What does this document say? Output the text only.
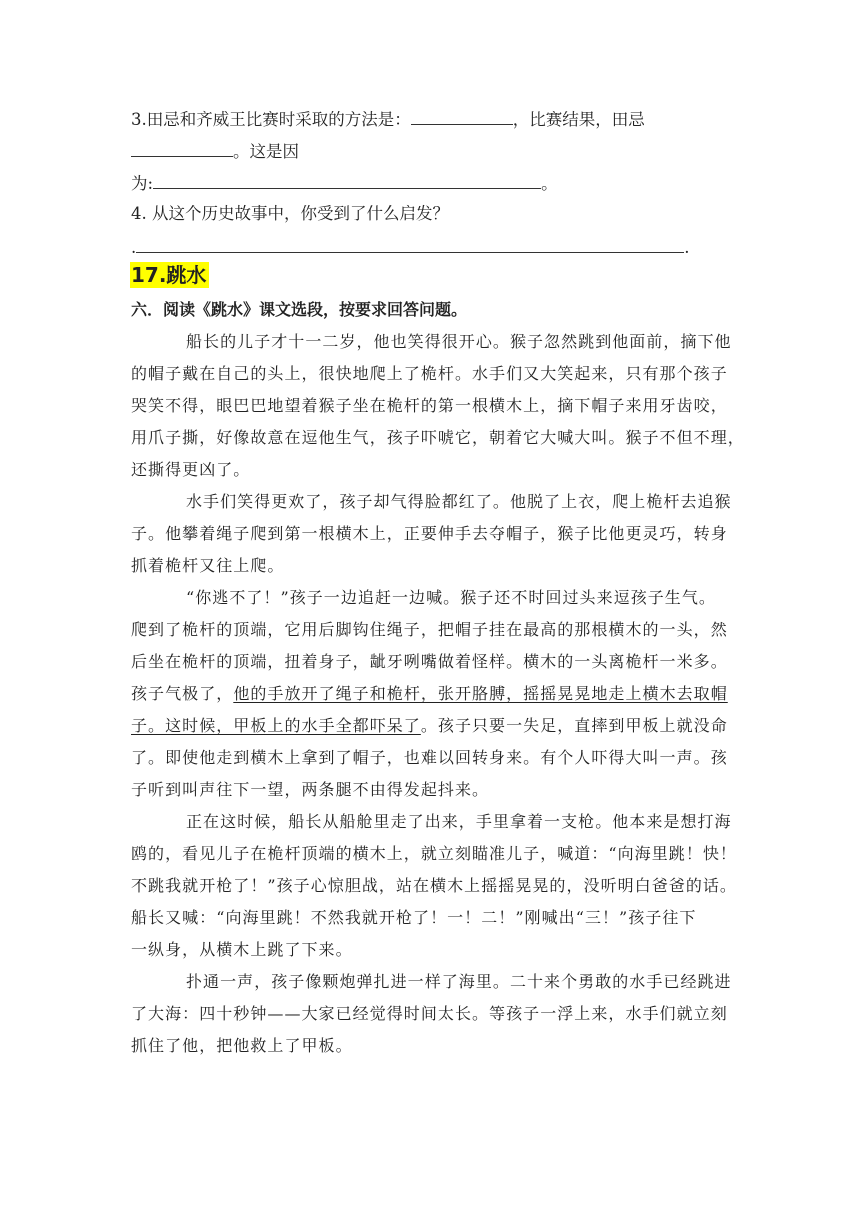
3.田忌和齐威王比赛时采取的方法是：	，比赛结果，田忌
。这是因
为:	。
4. 从这个历史故事中，你受到了什么启发？
.	.
17.跳水
六．阅读《跳水》课文选段，按要求回答问题。
船长的儿子才十一二岁，他也笑得很开心。猴子忽然跳到他面前，摘下他
的帽子戴在自己的头上，很快地爬上了桅杆。水手们又大笑起来，只有那个孩子
哭笑不得，眼巴巴地望着猴子坐在桅杆的第一根横木上，摘下帽子来用牙齿咬，
用爪子撕，好像故意在逗他生气，孩子吓唬它，朝着它大喊大叫。猴子不但不理，
还撕得更凶了。
水手们笑得更欢了，孩子却气得脸都红了。他脱了上衣，爬上桅杆去追猴
子。他攀着绳子爬到第一根横木上，正要伸手去夺帽子，猴子比他更灵巧，转身
抓着桅杆又往上爬。
“你逃不了！”孩子一边追赶一边喊。猴子还不时回过头来逗孩子生气。
爬到了桅杆的顶端，它用后脚钩住绳子，把帽子挂在最高的那根横木的一头，然
后坐在桅杆的顶端，扭着身子，龇牙咧嘴做着怪样。横木的一头离桅杆一米多。
孩子气极了，他的手放开了绳子和桅杆，张开胳膊，摇摇晃晃地走上横木去取帽
子。这时候，甲板上的水手全都吓呆了。孩子只要一失足，直摔到甲板上就没命
了。即使他走到横木上拿到了帽子，也难以回转身来。有个人吓得大叫一声。孩
子听到叫声往下一望，两条腿不由得发起抖来。
正在这时候，船长从船舱里走了出来，手里拿着一支枪。他本来是想打海
鸥的，看见儿子在桅杆顶端的横木上，就立刻瞄准儿子，喊道：“向海里跳！快！
不跳我就开枪了！”孩子心惊胆战，站在横木上摇摇晃晃的，没听明白爸爸的话。
船长又喊：“向海里跳！不然我就开枪了！一！二！”刚喊出“三！”孩子往下
一纵身，从横木上跳了下来。
扑通一声，孩子像颗炮弹扎进一样了海里。二十来个勇敢的水手已经跳进
了大海：四十秒钟——大家已经觉得时间太长。等孩子一浮上来，水手们就立刻
抓住了他，把他救上了甲板。
